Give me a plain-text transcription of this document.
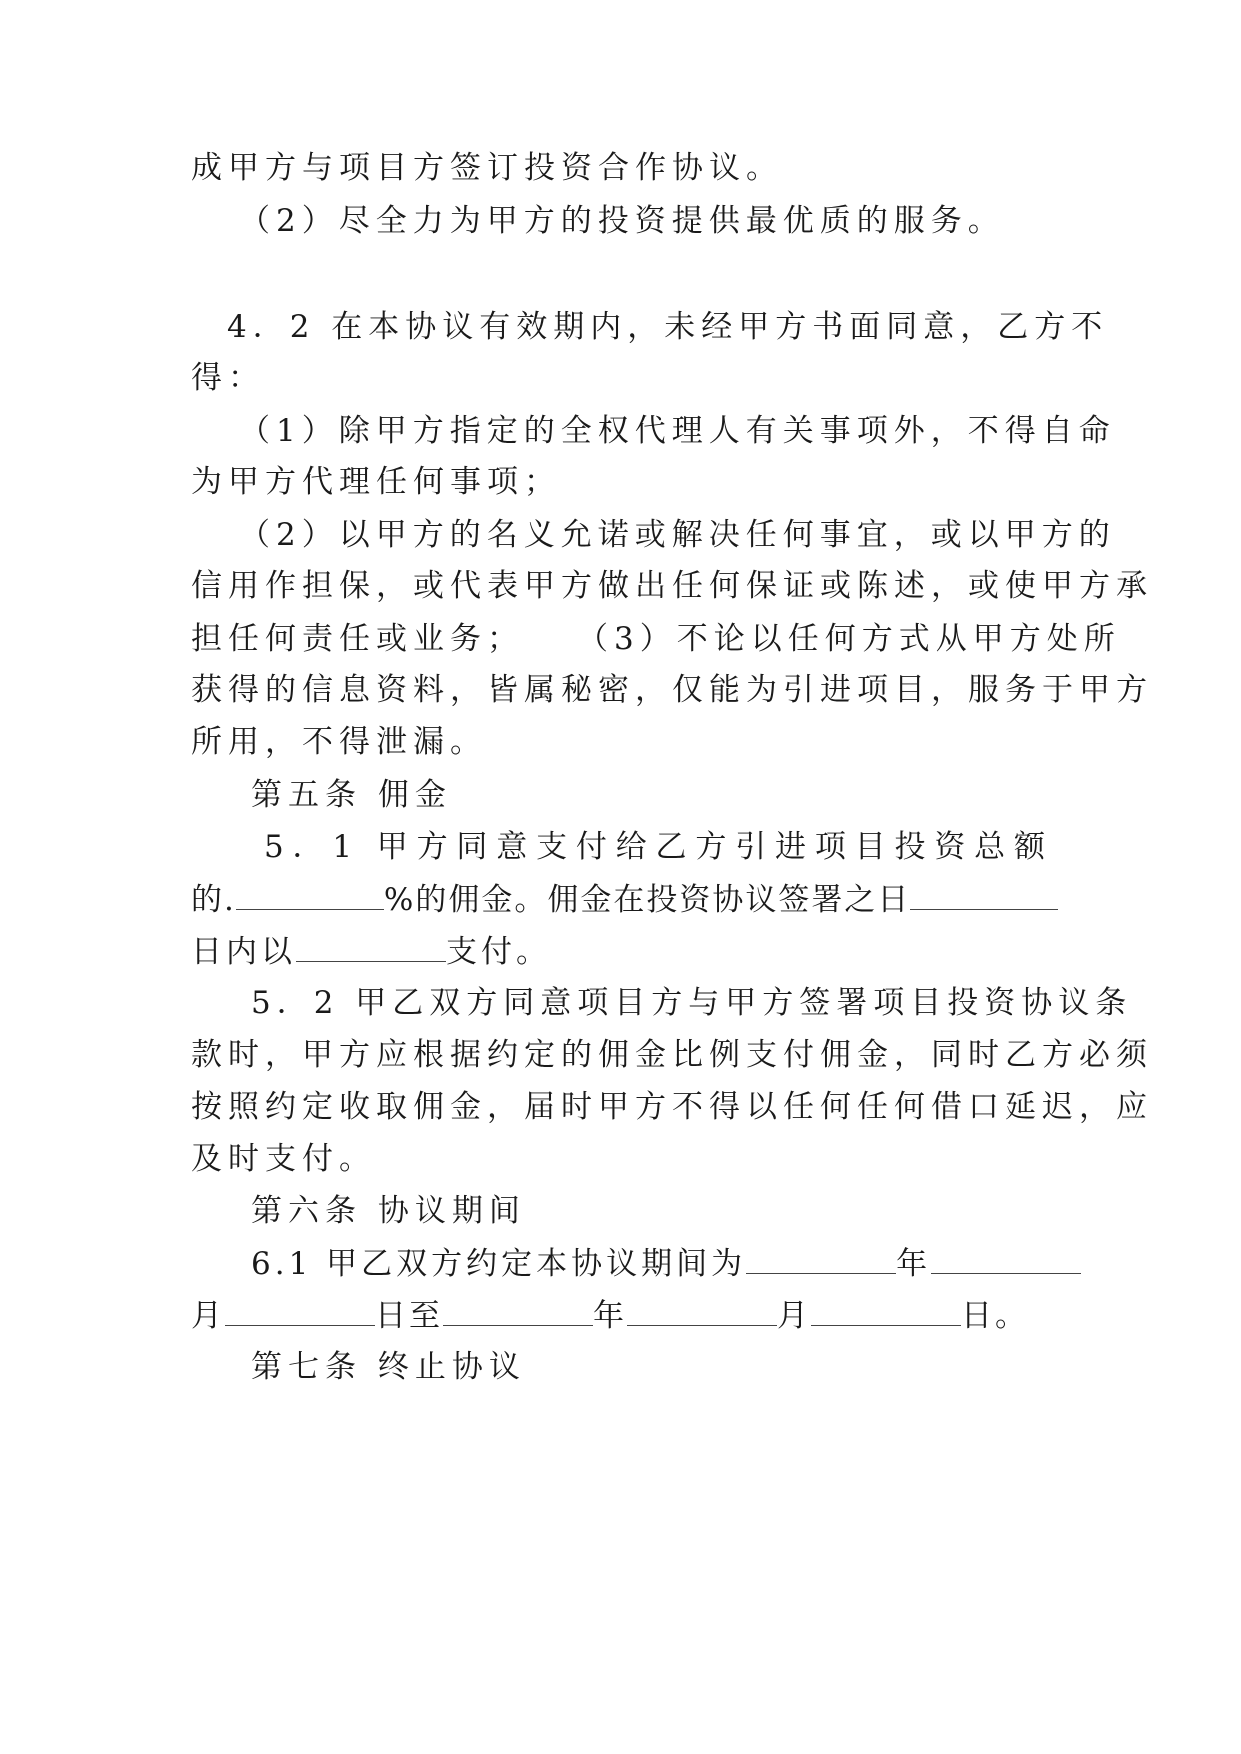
成甲方与项目方签订投资合作协议。
（2）尽全力为甲方的投资提供最优质的服务。
4．2 在本协议有效期内，未经甲方书面同意，乙方不
得：
（1）除甲方指定的全权代理人有关事项外，不得自命
为甲方代理任何事项；
（2）以甲方的名义允诺或解决任何事宜，或以甲方的
信用作担保，或代表甲方做出任何保证或陈述，或使甲方承
担任何责任或业务；	（3）不论以任何方式从甲方处所
获得的信息资料，皆属秘密，仅能为引进项目，服务于甲方
所用，不得泄漏。
第五条 佣金
5．1 甲方同意支付给乙方引进项目投资总额
的.	%的佣金。佣金在投资协议签署之日
日内以	支付。
5．2 甲乙双方同意项目方与甲方签署项目投资协议条
款时，甲方应根据约定的佣金比例支付佣金，同时乙方必须
按照约定收取佣金，届时甲方不得以任何任何借口延迟，应
及时支付。
第六条 协议期间
6.1 甲乙双方约定本协议期间为	年
月	日至	年	月	日。
第七条 终止协议
